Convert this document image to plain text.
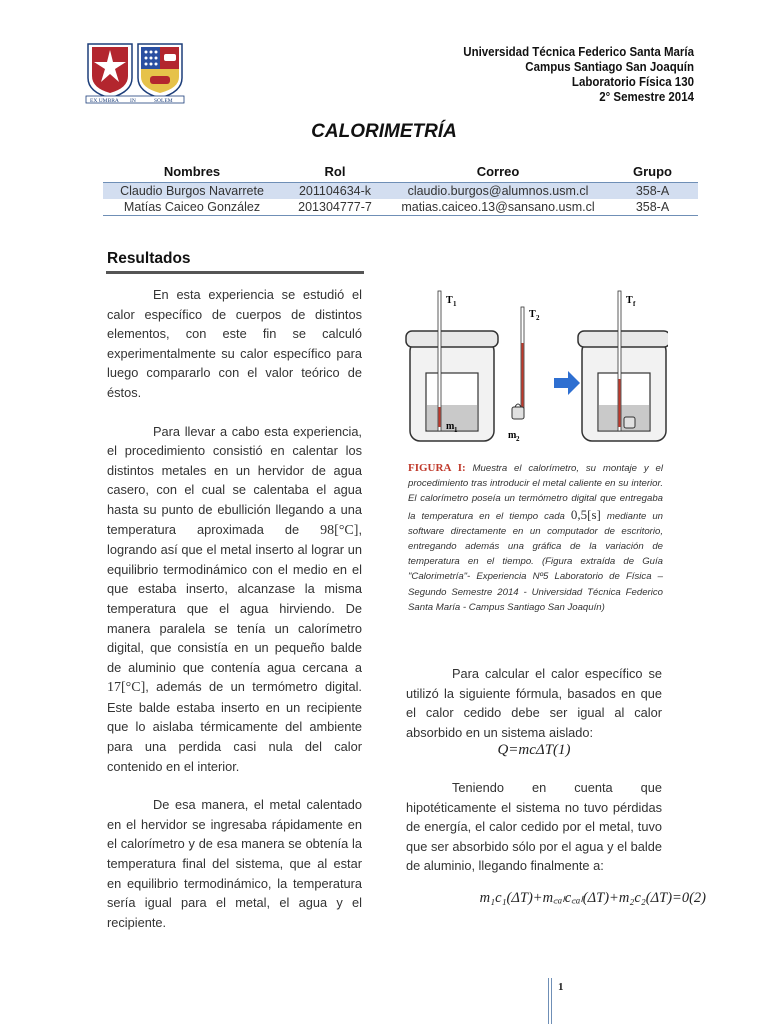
EX UMBRA IN	SOLEM
Universidad Técnica Federico Santa María
Campus Santiago San Joaquín
Laboratorio Física 130
2° Semestre 2014
CALORIMETRÍA
Nombres	Rol	Correo	Grupo
Claudio Burgos Navarrete	201104634-k	claudio.burgos@alumnos.usm.cl	358-A
Matías Caiceo González	201304777-7	matias.caiceo.13@sansano.usm.cl	358-A
Resultados

En esta experiencia se estudió el calor específico de cuerpos de distintos elementos, con este fin se calculó experimentalmente su calor específico para luego compararlo con el valor teórico de éstos.

Para llevar a cabo esta experiencia, el procedimiento consistió en calentar los distintos metales en un hervidor de agua casero, con el cual se calentaba el agua hasta su punto de ebullición llegando a una temperatura aproximada de 98[°C], logrando así que el metal inserto al lograr un equilibrio termodinámico con el medio en el que estaba inserto, alcanzase la misma temperatura que el agua hirviendo. De manera paralela se tenía un calorímetro digital, que consistía en un pequeño balde de aluminio que contenía agua cercana a 17[°C], además de un termómetro digital. Este balde estaba inserto en un recipiente que lo aislaba térmicamente del ambiente para una perdida casi nula del calor contenido en el interior.

De esa manera, el metal calentado en el hervidor se ingresaba rápidamente en el calorímetro y de esa manera se obtenía la temperatura final del sistema, que al estar en equilibrio termodinámico, la temperatura sería igual para el metal, el agua y el recipiente.

T 1
m 1
T 2
m 2
T f
FIGURA I: Muestra el calorímetro, su montaje y el procedimiento tras introducir el metal caliente en su interior. El calorímetro poseía un termómetro digital que entregaba la temperatura en el tiempo cada 0,5[s] mediante un software directamente en un computador de escritorio, entregando además una gráfica de la variación de temperatura en el tiempo. (Figura extraída de Guía "Calorimetría"- Experiencia Nº5 Laboratorio de Física – Segundo Semestre 2014 - Universidad Técnica Federico Santa María - Campus Santiago San Joaquín)

Para calcular el calor específico se utilizó la siguiente fórmula, basados en que el calor cedido debe ser igual al calor absorbido en un sistema aislado:

Q=mcΔT(1)

Teniendo en cuenta que hipotéticamente el sistema no tuvo pérdidas de energía, el calor cedido por el metal, tuvo que ser absorbido sólo por el agua y el balde de aluminio, llegando finalmente a:

m₁c₁(ΔT)+m꜀ₐₗc꜀ₐₗ(ΔT)+m₂c₂(ΔT)=0(2)
1
